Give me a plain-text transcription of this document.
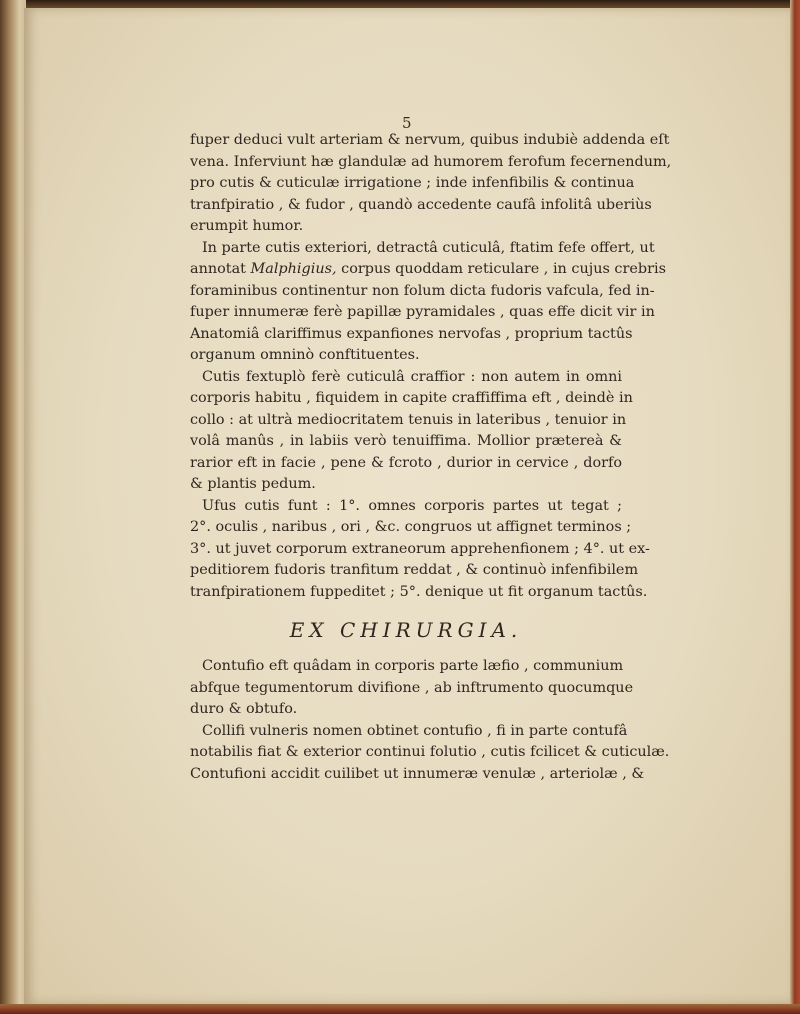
5
fuper deduci vult arteriam & nervum, quibus indubiè addenda eſt
vena. Inferviunt hæ glandulæ ad humorem ferofum fecernendum,
pro cutis & cuticulæ irrigatione ; inde infenfibilis & continua
tranfpiratio , & fudor , quandò accedente caufâ infolitâ uberiùs
erumpit humor.
In parte cutis exteriori, detractâ cuticulâ, ftatim fefe offert, ut
annotat Malphigius, corpus quoddam reticulare , in cujus crebris
foraminibus continentur non folum dicta fudoris vafcula, fed in-
fuper innumeræ ferè papillæ pyramidales , quas effe dicit vir in
Anatomiâ clariffimus expanfiones nervofas , proprium tactûs
organum omninò conftituentes.
Cutis fextuplò ferè cuticulâ craffior : non autem in omni
corporis habitu , fiquidem in capite craffiffima eft , deindè in
collo : at ultrà mediocritatem tenuis in lateribus , tenuior in
volâ manûs , in labiis verò tenuiffima. Mollior prætereà &
rarior eft in facie , pene & fcroto , durior in cervice , dorfo
& plantis pedum.
Ufus cutis funt : 1°. omnes corporis partes ut tegat ;
2°. oculis , naribus , ori , &c. congruos ut affignet terminos ;
3°. ut juvet corporum extraneorum apprehenfionem ; 4°. ut ex-
peditiorem fudoris tranfitum reddat , & continuò infenfibilem
tranfpirationem fuppeditet ; 5°. denique ut fit organum tactûs.
EX CHIRURGIA.
Contufio eft quâdam in corporis parte læfio , communium
abfque tegumentorum divifione , ab inftrumento quocumque
duro & obtufo.
Collifi vulneris nomen obtinet contufio , fi in parte contufâ
notabilis fiat & exterior continui folutio , cutis fcilicet & cuticulæ.
Contufioni accidit cuilibet ut innumeræ venulæ , arteriolæ , &
